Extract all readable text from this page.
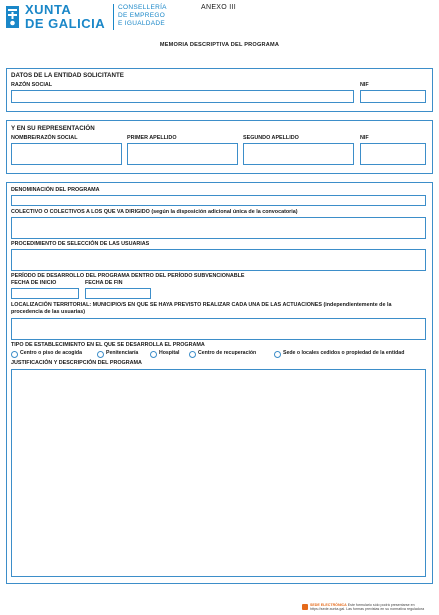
XUNTA
DE GALICIA
CONSELLERÍA
DE EMPREGO
E IGUALDADE
ANEXO III
MEMORIA DESCRIPTIVA DEL PROGRAMA
DATOS DE LA ENTIDAD SOLICITANTE
RAZÓN SOCIAL	NIF
Y EN SU REPRESENTACIÓN
NOMBRE/RAZÓN SOCIAL	PRIMER APELLIDO	SEGUNDO APELLIDO	NIF
DENOMINACIÓN DEL PROGRAMA
COLECTIVO O COLECTIVOS A LOS QUE VA DIRIGIDO (según la disposición adicional única de la convocatoria)
PROCEDIMIENTO DE SELECCIÓN DE LAS USUARIAS
PERÍODO DE DESARROLLO DEL PROGRAMA DENTRO DEL PERÍODO SUBVENCIONABLE
FECHA DE INICIO	FECHA DE FIN
LOCALIZACIÓN TERRITORIAL: MUNICIPIO/S EN QUE SE HAYA PREVISTO REALIZAR CADA UNA DE LAS ACTUACIONES (independientemente de la
procedencia de las usuarias)
TIPO DE ESTABLECIMIENTO EN EL QUE SE DESARROLLA EL PROGRAMA
Centro o piso de acogida	Penitenciaría	Hospital	Centro de recuperación	Sede o locales cedidos o propiedad de la entidad
JUSTIFICACIÓN Y DESCRIPCIÓN DEL PROGRAMA
SEDE ELECTRÓNICA Este formulario sólo podrá presentarse en https://sede.xunta.gal. Las formas previstas en su normativa reguladora
